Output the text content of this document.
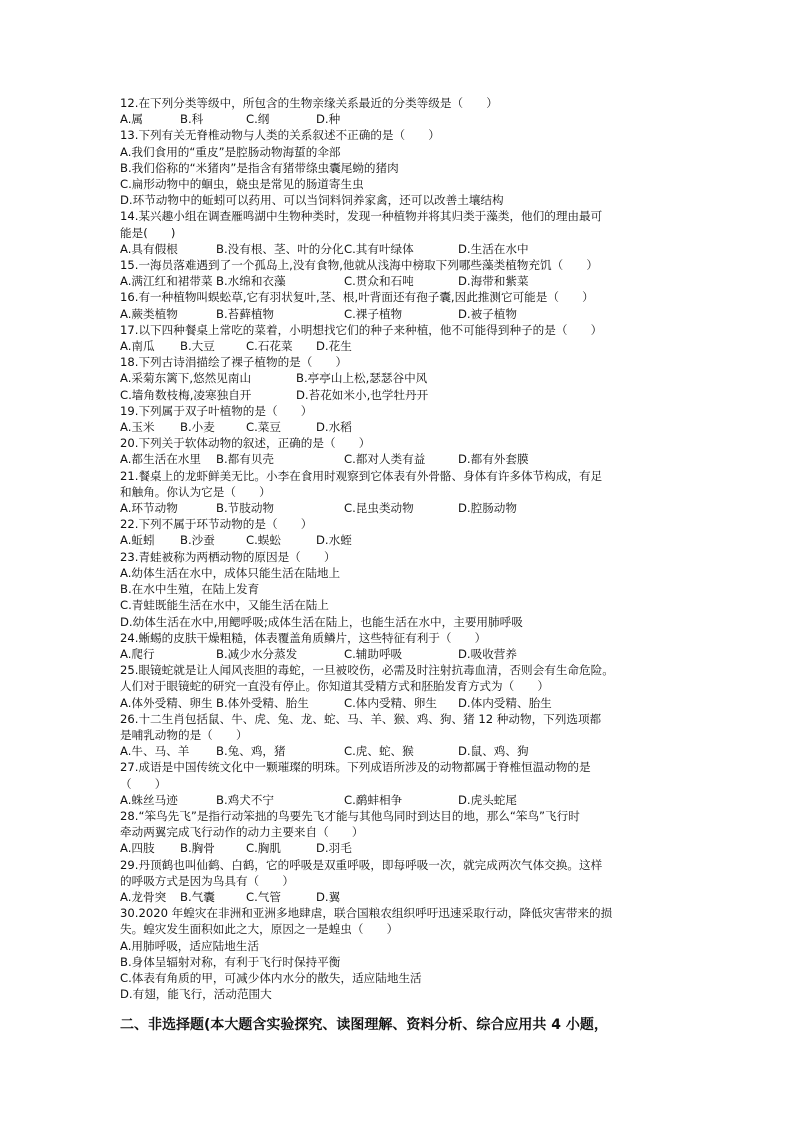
12.在下列分类等级中，所包含的生物亲缘关系最近的分类等级是（　　）
A.属	B.科	C.纲	D.种
13.下列有关无脊椎动物与人类的关系叙述不正确的是（　　）
A.我们食用的“重皮”是腔肠动物海蜇的伞部
B.我们俗称的“米猪肉”是指含有猪带绦虫囊尾蚴的猪肉
C.扁形动物中的蛔虫，蛲虫是常见的肠道寄生虫
D.环节动物中的蚯蚓可以药用、可以当饲料饲养家禽，还可以改善土壤结构
14.某兴趣小组在调查雁鸣湖中生物种类时，发现一种植物并将其归类于藻类，他们的理由最可
能是(　　)
A.具有假根	B.没有根、茎、叶的分化 C.其有叶绿体	D.生活在水中
15.一海员落难遇到了一个孤岛上,没有食物,他就从浅海中榜取下列哪些藻类植物充饥（　　）
A.满江红和裙带菜 B.水绵和衣藻	C.贯众和石吨	D.海带和紫菜
16.有一种植物叫蜈蚣草,它有羽状复叶,茎、根,叶背面还有孢子囊,因此推测它可能是（　　）
A.蕨类植物	B.苔藓植物	C.裸子植物	D.被子植物
17.以下四种餐桌上常吃的菜着，小明想找它们的种子来种植，他不可能得到种子的是（　　）
A.南瓜	B.大豆	C.石花菜	D.花生
18.下列古诗涓描绘了裸子植物的是（　　）
A.采菊东篱下,悠然见南山	B.亭亭山上松,瑟瑟谷中风
C.墙角数枝梅,凌寒独自开	D.苔花如米小,也学牡丹开
19.下列属于双子叶植物的是（　　）
A.玉米	B.小麦	C.菜豆	D.水稻
20.下列关于软体动物的叙述，正确的是（　　）
A.都生活在水里	B.都有贝壳	C.都对人类有益	D.都有外套膜
21.餐桌上的龙虾鲜美无比。小李在食用时观察到它体表有外骨骼、身体有许多体节构成，有足
和触角。你认为它是（　　）
A.环节动物	B.节肢动物	C.昆虫类动物	D.腔肠动物
22.下列不属于环节动物的是（　　）
A.蚯蚓	B.沙蚕	C.蜈蚣	D.水蛭
23.青蛙被称为两栖动物的原因是（　　）
A.幼体生活在水中，成体只能生活在陆地上
B.在水中生殖，在陆上发育
C.青蛙既能生活在水中，又能生活在陆上
D.幼体生活在水中,用鳃呼吸;成体生活在陆上，也能生活在水中，主要用肺呼吸
24.蜥蜴的皮肤干燥粗糙，体表覆盖角质鳞片，这些特征有利于（　　）
A.爬行	B.减少水分蒸发	C.辅助呼吸	D.吸收营养
25.眼镜蛇就是让人闻风丧胆的毒蛇，一旦被咬伤，必需及时注射抗毒血清，否则会有生命危险。
人们对于眼镜蛇的研究一直没有停止。你知道其受精方式和胚胎发育方式为（　　）
A.体外受精、卵生 B.体外受精、胎生	C.体内受精、卵生	D.体内受精、胎生
26.十二生肖包括鼠、牛、虎、兔、龙、蛇、马、羊、猴、鸡、狗、猪 12 种动物，下列选项都
是哺乳动物的是（　　）
A.牛、马、羊	B.兔、鸡，猪	C.虎、蛇、猴	D.鼠、鸡、狗
27.成语是中国传统文化中一颗璀璨的明珠。下列成语所涉及的动物都属于脊椎恒温动物的是
（　　）
A.蛛丝马迹	B.鸡犬不宁	C.鹬蚌相争	D.虎头蛇尾
28.“笨鸟先飞”是指行动笨拙的鸟要先飞才能与其他鸟同时到达目的地，那么“笨鸟”飞行时
牵动两翼完成飞行动作的动力主要来自（　　）
A.四肢	B.胸骨	C.胸肌	D.羽毛
29.丹顶鹤也叫仙鹤、白鹤，它的呼吸是双重呼吸，即每呼吸一次，就完成两次气体交换。这样
的呼吸方式是因为鸟具有（　　）
A.龙骨突	B.气囊	C.气管	D.翼
30.2020 年蝗灾在非洲和亚洲多地肆虐，联合国粮农组织呼吁迅速采取行动，降低灾害带来的损
失。蝗灾发生面积如此之大，原因之一是蝗虫（　　）
A.用肺呼吸，适应陆地生活
B.身体呈辐射对称，有利于飞行时保持平衡
C.体表有角质的甲，可减少体内水分的散失，适应陆地生活
D.有翅，能飞行，活动范围大
二、非选择题(本大题含实验探究、读图理解、资料分析、综合应用共 4 小题，
